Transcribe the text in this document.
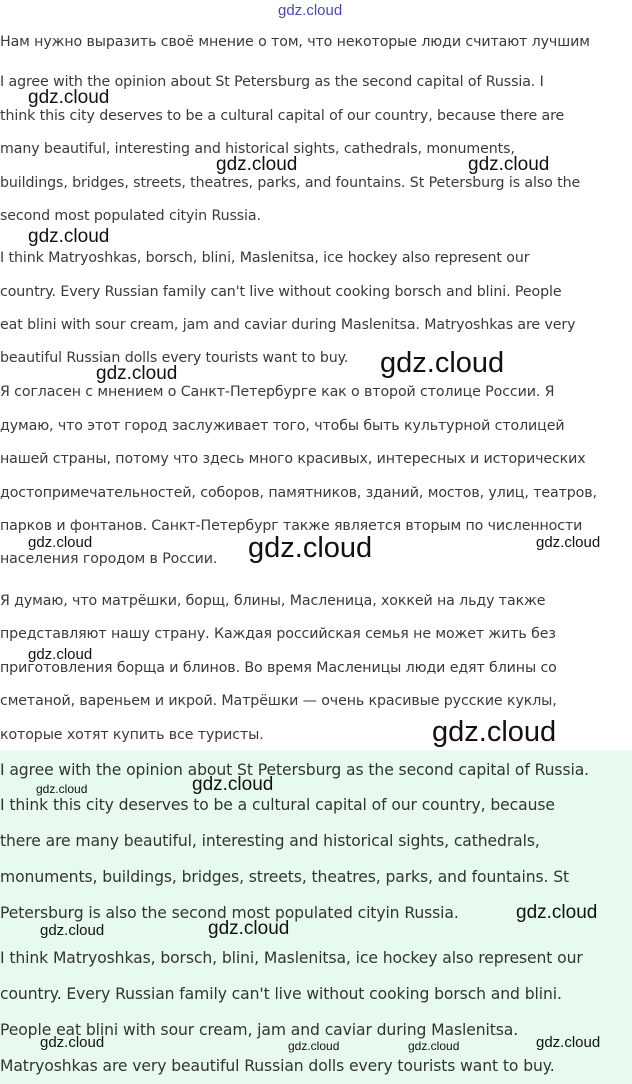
gdz.cloud
Нам нужно выразить своё мнение о том, что некоторые люди считают лучшим
I agree with the opinion about St Petersburg as the second capital of Russia. I
think this city deserves to be a cultural capital of our country, because there are
many beautiful, interesting and historical sights, cathedrals, monuments,
buildings, bridges, streets, theatres, parks, and fountains. St Petersburg is also the
second most populated cityin Russia.
I think Matryoshkas, borsch, blini, Maslenitsa, ice hockey also represent our
country. Every Russian family can't live without cooking borsch and blini. People
eat blini with sour cream, jam and caviar during Maslenitsa. Matryoshkas are very
beautiful Russian dolls every tourists want to buy.
Я согласен с мнением о Санкт-Петербурге как о второй столице России. Я
думаю, что этот город заслуживает того, чтобы быть культурной столицей
нашей страны, потому что здесь много красивых, интересных и исторических
достопримечательностей, соборов, памятников, зданий, мостов, улиц, театров,
парков и фонтанов. Санкт-Петербург также является вторым по численности
населения городом в России.
Я думаю, что матрёшки, борщ, блины, Масленица, хоккей на льду также
представляют нашу страну. Каждая российская семья не может жить без
приготовления борща и блинов. Во время Масленицы люди едят блины со
сметаной, вареньем и икрой. Матрёшки — очень красивые русские куклы,
которые хотят купить все туристы.
I agree with the opinion about St Petersburg as the second capital of Russia.
I think this city deserves to be a cultural capital of our country, because
there are many beautiful, interesting and historical sights, cathedrals,
monuments, buildings, bridges, streets, theatres, parks, and fountains. St
Petersburg is also the second most populated cityin Russia.
I think Matryoshkas, borsch, blini, Maslenitsa, ice hockey also represent our
country. Every Russian family can't live without cooking borsch and blini.
People eat blini with sour cream, jam and caviar during Maslenitsa.
Matryoshkas are very beautiful Russian dolls every tourists want to buy.
gdz.cloud
gdz.cloud	gdz.cloud
gdz.cloud
gdz.cloud
gdz.cloud
gdz.cloud	gdz.cloud	gdz.cloud
gdz.cloud
gdz.cloud
gdz.cloud
gdz.cloud
gdz.cloud
gdz.cloud	gdz.cloud
gdz.cloud	gdz.cloud	gdz.cloud	gdz.cloud
